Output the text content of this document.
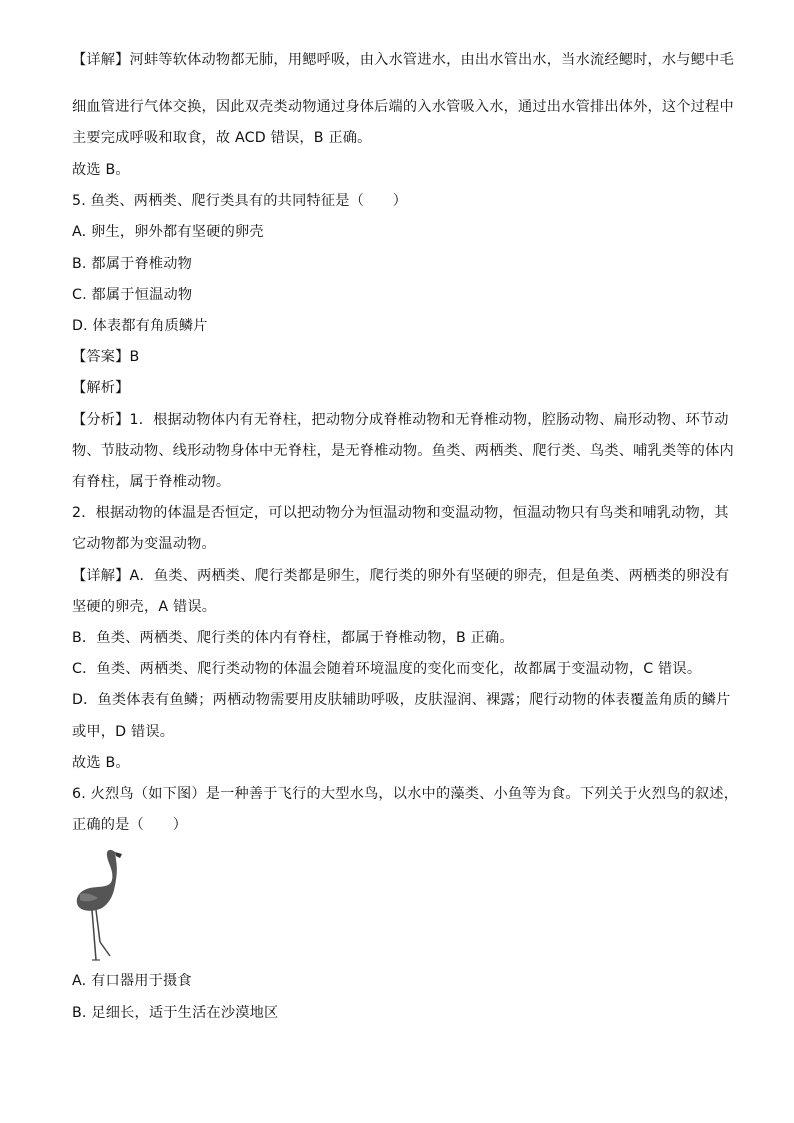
【详解】河蚌等软体动物都无肺，用鳃呼吸，由入水管进水，由出水管出水，当水流经鳃时，水与鳃中毛
细血管进行气体交换，因此双壳类动物通过身体后端的入水管吸入水，通过出水管排出体外，这个过程中
主要完成呼吸和取食，故 ACD 错误，B 正确。
故选 B。
5. 鱼类、两栖类、爬行类具有的共同特征是（　　）
A. 卵生，卵外都有坚硬的卵壳
B. 都属于脊椎动物
C. 都属于恒温动物
D. 体表都有角质鳞片
【答案】B
【解析】
【分析】1．根据动物体内有无脊柱，把动物分成脊椎动物和无脊椎动物，腔肠动物、扁形动物、环节动
物、节肢动物、线形动物身体中无脊柱，是无脊椎动物。鱼类、两栖类、爬行类、鸟类、哺乳类等的体内
有脊柱，属于脊椎动物。
2．根据动物的体温是否恒定，可以把动物分为恒温动物和变温动物，恒温动物只有鸟类和哺乳动物，其
它动物都为变温动物。
【详解】A．鱼类、两栖类、爬行类都是卵生，爬行类的卵外有坚硬的卵壳，但是鱼类、两栖类的卵没有
坚硬的卵壳，A 错误。
B．鱼类、两栖类、爬行类的体内有脊柱，都属于脊椎动物，B 正确。
C．鱼类、两栖类、爬行类动物的体温会随着环境温度的变化而变化，故都属于变温动物，C 错误。
D．鱼类体表有鱼鳞；两栖动物需要用皮肤辅助呼吸，皮肤湿润、裸露；爬行动物的体表覆盖角质的鳞片
或甲，D 错误。
故选 B。
6. 火烈鸟（如下图）是一种善于飞行的大型水鸟，以水中的藻类、小鱼等为食。下列关于火烈鸟的叙述，
正确的是（　　）
A. 有口器用于摄食
B. 足细长，适于生活在沙漠地区
